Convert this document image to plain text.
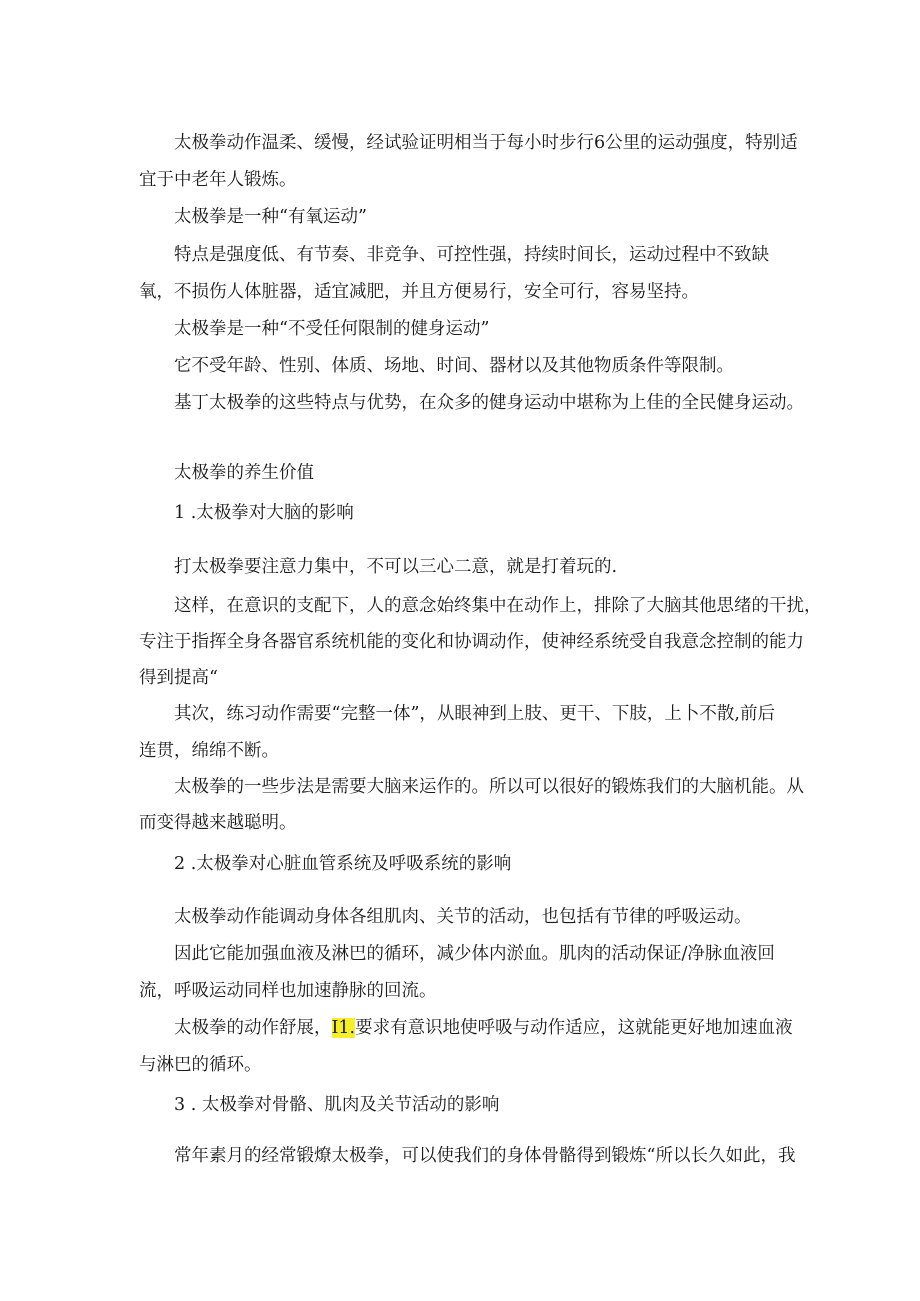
太极拳动作温柔、缓慢，经试验证明相当于每小时步行6公里的运动强度，特别适

宜于中老年人锻炼。

太极拳是一种“有氧运动”

特点是强度低、有节奏、非竞争、可控性强，持续时间长，运动过程中不致缺

氧，不损伤人体脏器，适宜减肥，并且方便易行，安全可行，容易坚持。

太极拳是一种“不受任何限制的健身运动”

它不受年龄、性别、体质、场地、时间、器材以及其他物质条件等限制。

基丁太极拳的这些特点与优势，在众多的健身运动中堪称为上佳的全民健身运动。

太极拳的养生价值

1 .太极拳对大脑的影响

打太极拳要注意力集中，不可以三心二意，就是打着玩的.

这样，在意识的支配下，人的意念始终集中在动作上，排除了大脑其他思绪的干扰，

专注于指挥全身各器官系统机能的变化和协调动作，使神经系统受自我意念控制的能力

得到提高“

其次，练习动作需要“完整一体”，从眼神到上肢、更干、下肢，上卜不散,前后

连贯，绵绵不断。

太极拳的一些步法是需要大脑来运作的。所以可以很好的锻炼我们的大脑机能。从

而变得越来越聪明。

2 .太极拳对心脏血管系统及呼吸系统的影响

太极拳动作能调动身体各组肌肉、关节的活动，也包括有节律的呼吸运动。

因此它能加强血液及淋巴的循环，减少体内淤血。肌肉的活动保证/净脉血液回

流，呼吸运动同样也加速静脉的回流。

太极拳的动作舒展，I1.要求有意识地使呼吸与动作适应，这就能更好地加速血液

与淋巴的循环。

3 . 太极拳对骨骼、肌肉及关节活动的影响

常年素月的经常锻燎太极拳，可以使我们的身体骨骼得到锻炼“所以长久如此，我
